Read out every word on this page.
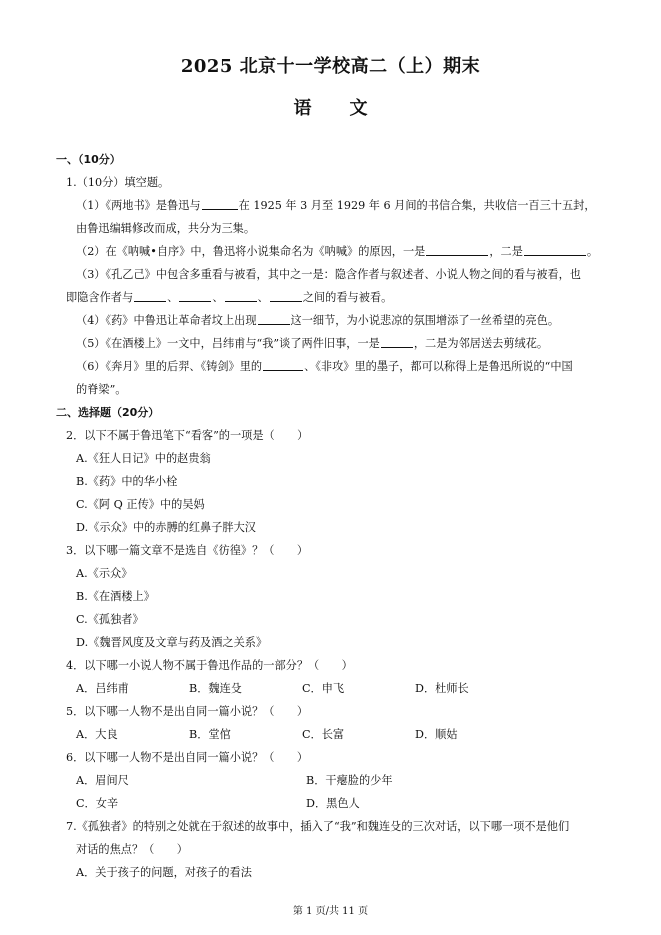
2025 北京十一学校高二（上）期末
语文
一、（10分）
1.（10分）填空题。
（1）《两地书》是鲁迅与	在 1925 年 3 月至 1929 年 6 月间的书信合集，共收信一百三十五封，
由鲁迅编辑修改而成，共分为三集。
（2）在《呐喊•自序》中，鲁迅将小说集命名为《呐喊》的原因，一是	，二是	。
（3）《孔乙己》中包含多重看与被看，其中之一是：隐含作者与叙述者、小说人物之间的看与被看，也
即隐含作者与	、	、	、	之间的看与被看。
（4）《药》中鲁迅让革命者坟上出现	这一细节，为小说悲凉的氛围增添了一丝希望的亮色。
（5）《在酒楼上》一文中，吕纬甫与“我”谈了两件旧事，一是	，二是为邻居送去剪绒花。
（6）《奔月》里的后羿、《铸剑》里的	、《非攻》里的墨子，都可以称得上是鲁迅所说的“中国
的脊梁”。
二、选择题（20分）
2．以下不属于鲁迅笔下“看客”的一项是（　　）
A.《狂人日记》中的赵贵翁
B.《药》中的华小栓
C.《阿 Q 正传》中的吴妈
D.《示众》中的赤膊的红鼻子胖大汉
3．以下哪一篇文章不是选自《彷徨》？（　　）
A.《示众》
B.《在酒楼上》
C.《孤独者》
D.《魏晋风度及文章与药及酒之关系》
4．以下哪一小说人物不属于鲁迅作品的一部分？（　　）
A．吕纬甫	B．魏连殳	C．申飞	D．杜师长
5．以下哪一人物不是出自同一篇小说？（　　）
A．大良	B．堂倌	C．长富	D．顺姑
6．以下哪一人物不是出自同一篇小说？（　　）
A．眉间尺	B．干瘪脸的少年
C．女辛	D．黑色人
7.《孤独者》的特别之处就在于叙述的故事中，插入了“我”和魏连殳的三次对话，以下哪一项不是他们
对话的焦点？（　　）
A．关于孩子的问题，对孩子的看法
第 1 页/共 11 页
